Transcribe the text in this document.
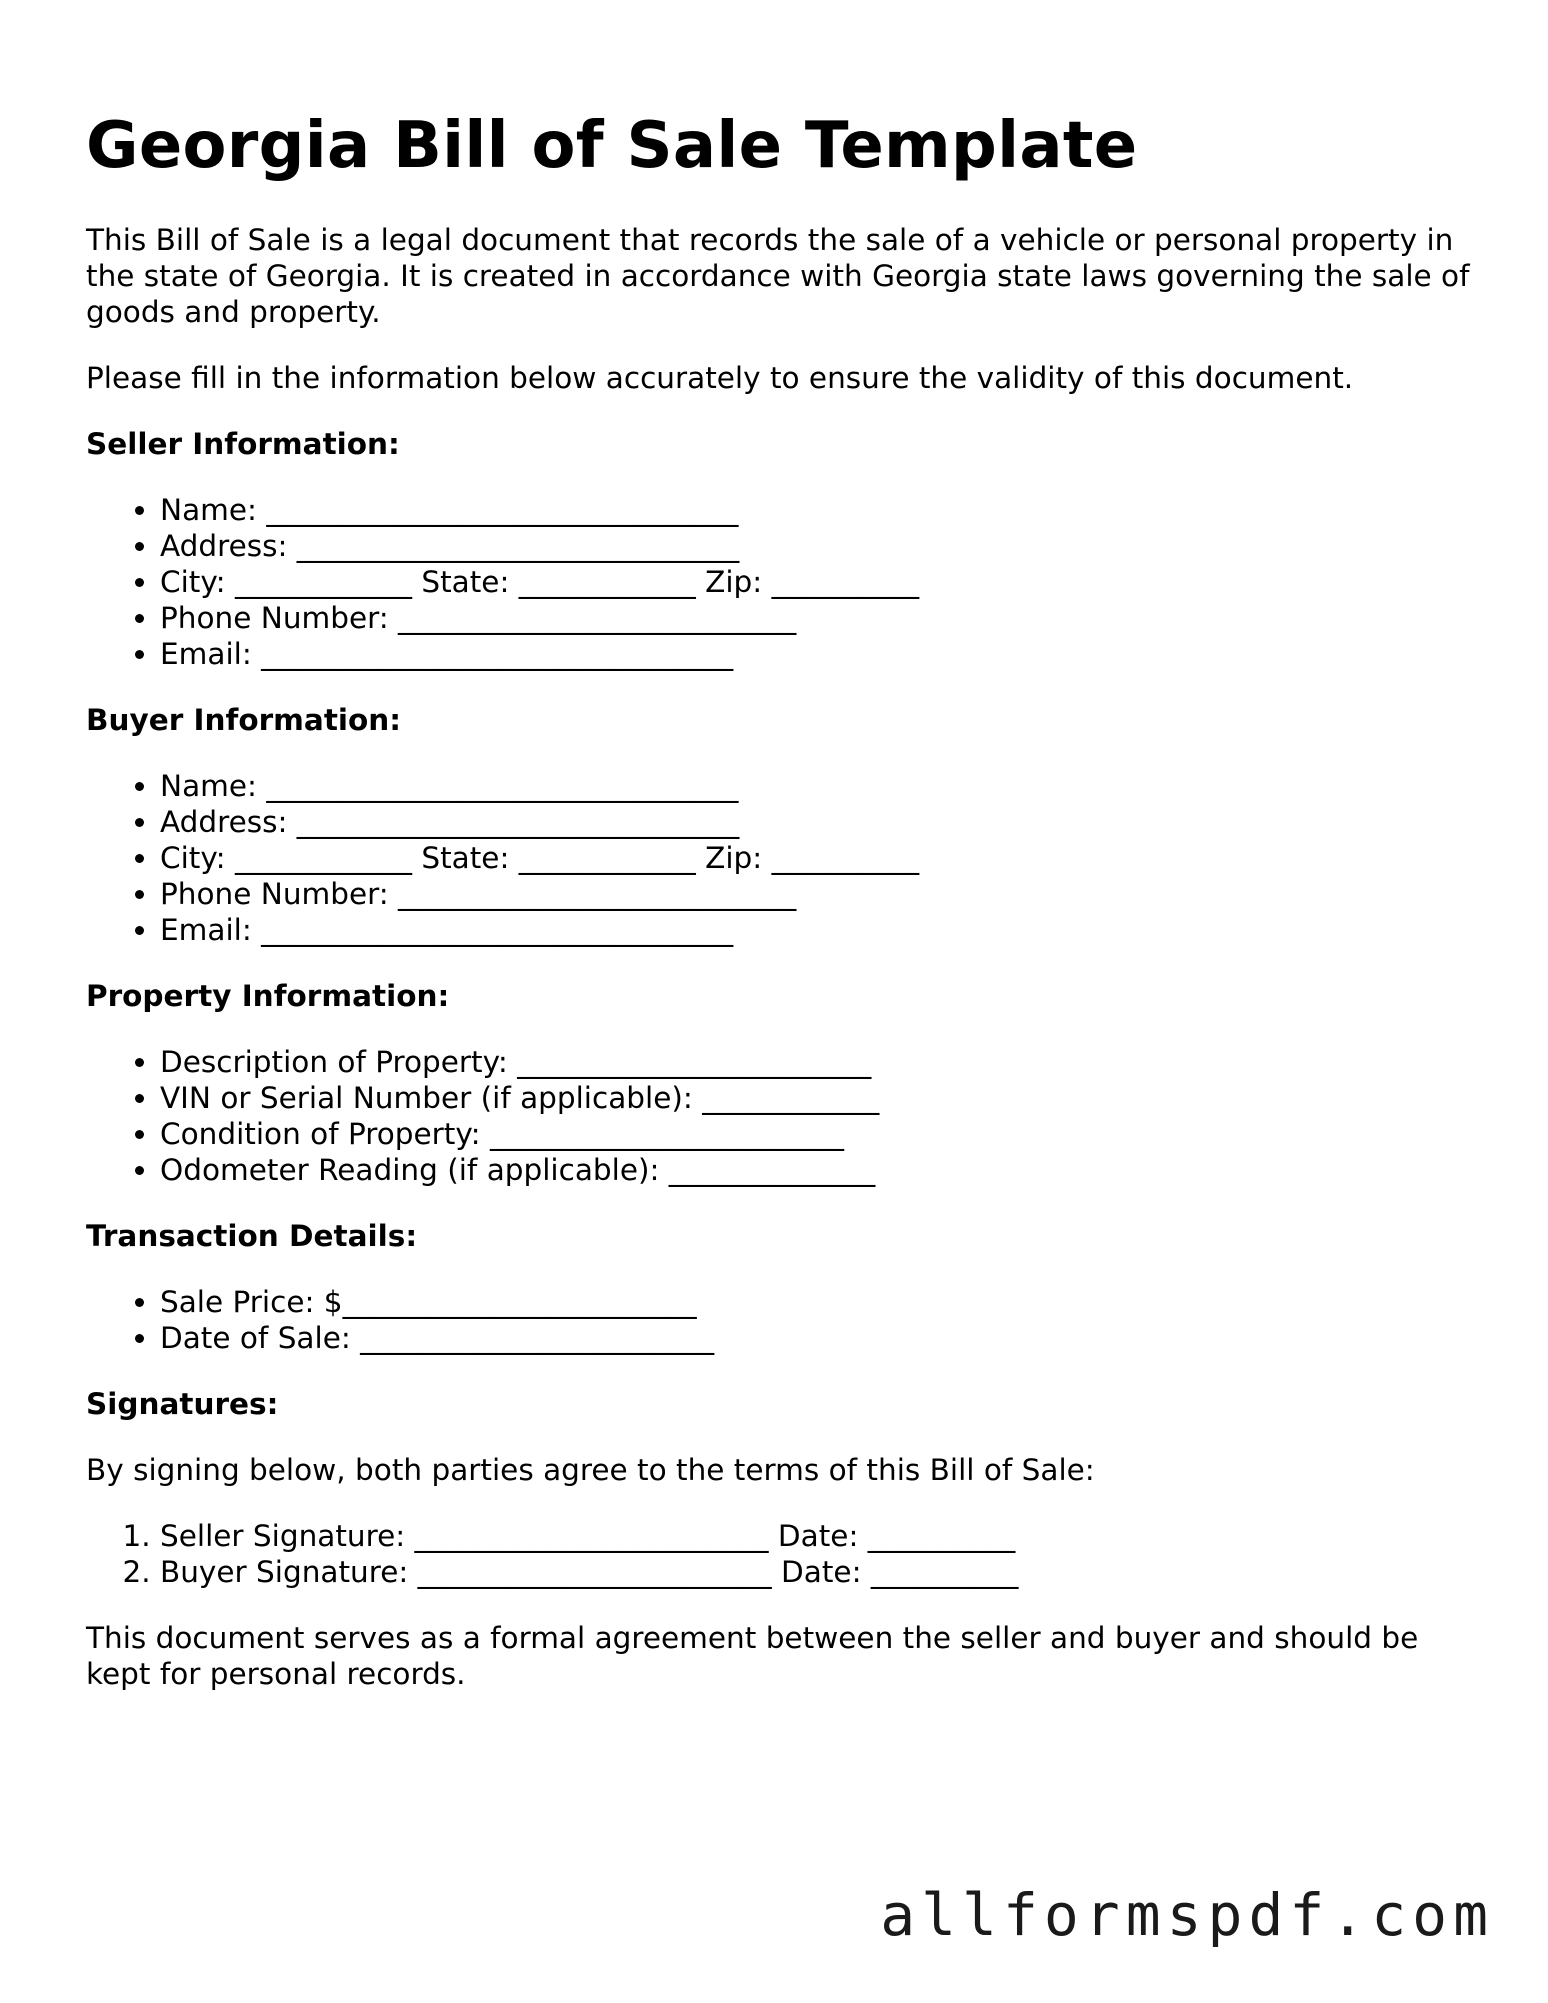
Georgia Bill of Sale Template

This Bill of Sale is a legal document that records the sale of a vehicle or personal property in the state of Georgia. It is created in accordance with Georgia state laws governing the sale of goods and property.

Please fill in the information below accurately to ensure the validity of this document.

Seller Information:
• Name: ________________________________
• Address: ______________________________
• City: ____________ State: ____________ Zip: __________
• Phone Number: ___________________________
• Email: ________________________________
Buyer Information:
• Name: ________________________________
• Address: ______________________________
• City: ____________ State: ____________ Zip: __________
• Phone Number: ___________________________
• Email: ________________________________
Property Information:
• Description of Property: ________________________
• VIN or Serial Number (if applicable): ____________
• Condition of Property: ________________________
• Odometer Reading (if applicable): ______________
Transaction Details:
• Sale Price: $________________________
• Date of Sale: ________________________
Signatures:

By signing below, both parties agree to the terms of this Bill of Sale:

1. Seller Signature: ________________________ Date: __________
2. Buyer Signature: ________________________ Date: __________

This document serves as a formal agreement between the seller and buyer and should be kept for personal records.

allformspdf.com
